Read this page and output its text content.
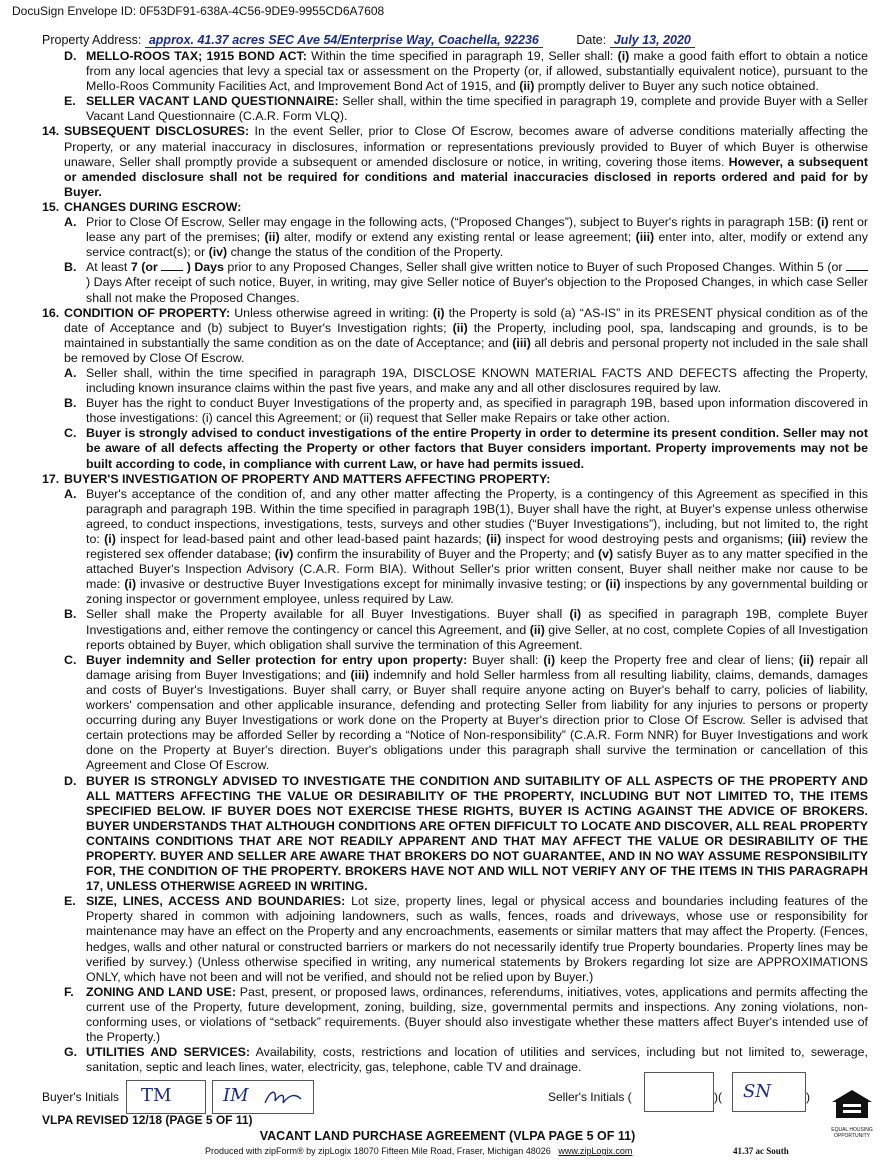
DocuSign Envelope ID: 0F53DF91-638A-4C56-9DE9-9955CD6A7608
Property Address: approx. 41.37 acres SEC Ave 54/Enterprise Way, Coachella, 92236	Date: July 13, 2020
D. MELLO-ROOS TAX; 1915 BOND ACT: Within the time specified in paragraph 19, Seller shall: (i) make a good faith effort to obtain a notice from any local agencies that levy a special tax or assessment on the Property (or, if allowed, substantially equivalent notice), pursuant to the Mello-Roos Community Facilities Act, and Improvement Bond Act of 1915, and (ii) promptly deliver to Buyer any such notice obtained.
E. SELLER VACANT LAND QUESTIONNAIRE: Seller shall, within the time specified in paragraph 19, complete and provide Buyer with a Seller Vacant Land Questionnaire (C.A.R. Form VLQ).
14. SUBSEQUENT DISCLOSURES: In the event Seller, prior to Close Of Escrow, becomes aware of adverse conditions materially affecting the Property, or any material inaccuracy in disclosures, information or representations previously provided to Buyer of which Buyer is otherwise unaware, Seller shall promptly provide a subsequent or amended disclosure or notice, in writing, covering those items. However, a subsequent or amended disclosure shall not be required for conditions and material inaccuracies disclosed in reports ordered and paid for by Buyer.
15. CHANGES DURING ESCROW:
A. Prior to Close Of Escrow, Seller may engage in the following acts, (“Proposed Changes”), subject to Buyer's rights in paragraph 15B: (i) rent or lease any part of the premises; (ii) alter, modify or extend any existing rental or lease agreement; (iii) enter into, alter, modify or extend any service contract(s); or (iv) change the status of the condition of the Property.
B. At least 7 (or  ) Days prior to any Proposed Changes, Seller shall give written notice to Buyer of such Proposed Changes. Within 5 (or  ) Days After receipt of such notice, Buyer, in writing, may give Seller notice of Buyer's objection to the Proposed Changes, in which case Seller shall not make the Proposed Changes.
16. CONDITION OF PROPERTY: Unless otherwise agreed in writing: (i) the Property is sold (a) “AS-IS” in its PRESENT physical condition as of the date of Acceptance and (b) subject to Buyer's Investigation rights; (ii) the Property, including pool, spa, landscaping and grounds, is to be maintained in substantially the same condition as on the date of Acceptance; and (iii) all debris and personal property not included in the sale shall be removed by Close Of Escrow.
A. Seller shall, within the time specified in paragraph 19A, DISCLOSE KNOWN MATERIAL FACTS AND DEFECTS affecting the Property, including known insurance claims within the past five years, and make any and all other disclosures required by law.
B. Buyer has the right to conduct Buyer Investigations of the property and, as specified in paragraph 19B, based upon information discovered in those investigations: (i) cancel this Agreement; or (ii) request that Seller make Repairs or take other action.
C. Buyer is strongly advised to conduct investigations of the entire Property in order to determine its present condition. Seller may not be aware of all defects affecting the Property or other factors that Buyer considers important. Property improvements may not be built according to code, in compliance with current Law, or have had permits issued.
17. BUYER'S INVESTIGATION OF PROPERTY AND MATTERS AFFECTING PROPERTY:
A. Buyer's acceptance of the condition of, and any other matter affecting the Property, is a contingency of this Agreement as specified in this paragraph and paragraph 19B. Within the time specified in paragraph 19B(1), Buyer shall have the right, at Buyer's expense unless otherwise agreed, to conduct inspections, investigations, tests, surveys and other studies (“Buyer Investigations”), including, but not limited to, the right to: (i) inspect for lead-based paint and other lead-based paint hazards; (ii) inspect for wood destroying pests and organisms; (iii) review the registered sex offender database; (iv) confirm the insurability of Buyer and the Property; and (v) satisfy Buyer as to any matter specified in the attached Buyer's Inspection Advisory (C.A.R. Form BIA). Without Seller's prior written consent, Buyer shall neither make nor cause to be made: (i) invasive or destructive Buyer Investigations except for minimally invasive testing; or (ii) inspections by any governmental building or zoning inspector or government employee, unless required by Law.
B. Seller shall make the Property available for all Buyer Investigations. Buyer shall (i) as specified in paragraph 19B, complete Buyer Investigations and, either remove the contingency or cancel this Agreement, and (ii) give Seller, at no cost, complete Copies of all Investigation reports obtained by Buyer, which obligation shall survive the termination of this Agreement.
C. Buyer indemnity and Seller protection for entry upon property: Buyer shall: (i) keep the Property free and clear of liens; (ii) repair all damage arising from Buyer Investigations; and (iii) indemnify and hold Seller harmless from all resulting liability, claims, demands, damages and costs of Buyer's Investigations. Buyer shall carry, or Buyer shall require anyone acting on Buyer's behalf to carry, policies of liability, workers' compensation and other applicable insurance, defending and protecting Seller from liability for any injuries to persons or property occurring during any Buyer Investigations or work done on the Property at Buyer's direction prior to Close Of Escrow. Seller is advised that certain protections may be afforded Seller by recording a “Notice of Non-responsibility” (C.A.R. Form NNR) for Buyer Investigations and work done on the Property at Buyer's direction. Buyer's obligations under this paragraph shall survive the termination or cancellation of this Agreement and Close Of Escrow.
D. BUYER IS STRONGLY ADVISED TO INVESTIGATE THE CONDITION AND SUITABILITY OF ALL ASPECTS OF THE PROPERTY AND ALL MATTERS AFFECTING THE VALUE OR DESIRABILITY OF THE PROPERTY, INCLUDING BUT NOT LIMITED TO, THE ITEMS SPECIFIED BELOW. IF BUYER DOES NOT EXERCISE THESE RIGHTS, BUYER IS ACTING AGAINST THE ADVICE OF BROKERS. BUYER UNDERSTANDS THAT ALTHOUGH CONDITIONS ARE OFTEN DIFFICULT TO LOCATE AND DISCOVER, ALL REAL PROPERTY CONTAINS CONDITIONS THAT ARE NOT READILY APPARENT AND THAT MAY AFFECT THE VALUE OR DESIRABILITY OF THE PROPERTY. BUYER AND SELLER ARE AWARE THAT BROKERS DO NOT GUARANTEE, AND IN NO WAY ASSUME RESPONSIBILITY FOR, THE CONDITION OF THE PROPERTY. BROKERS HAVE NOT AND WILL NOT VERIFY ANY OF THE ITEMS IN THIS PARAGRAPH 17, UNLESS OTHERWISE AGREED IN WRITING.
E. SIZE, LINES, ACCESS AND BOUNDARIES: Lot size, property lines, legal or physical access and boundaries including features of the Property shared in common with adjoining landowners, such as walls, fences, roads and driveways, whose use or responsibility for maintenance may have an effect on the Property and any encroachments, easements or similar matters that may affect the Property. (Fences, hedges, walls and other natural or constructed barriers or markers do not necessarily identify true Property boundaries. Property lines may be verified by survey.) (Unless otherwise specified in writing, any numerical statements by Brokers regarding lot size are APPROXIMATIONS ONLY, which have not been and will not be verified, and should not be relied upon by Buyer.)
F. ZONING AND LAND USE: Past, present, or proposed laws, ordinances, referendums, initiatives, votes, applications and permits affecting the current use of the Property, future development, zoning, building, size, governmental permits and inspections. Any zoning violations, non-conforming uses, or violations of “setback” requirements. (Buyer should also investigate whether these matters affect Buyer's intended use of the Property.)
G. UTILITIES AND SERVICES: Availability, costs, restrictions and location of utilities and services, including but not limited to, sewerage, sanitation, septic and leach lines, water, electricity, gas, telephone, cable TV and drainage.
Buyer's Initials TM	IM	Seller's Initials (	)( SN	)
EQUAL HOUSING OPPORTUNITY
VLPA REVISED 12/18 (PAGE 5 OF 11)
VACANT LAND PURCHASE AGREEMENT (VLPA PAGE 5 OF 11)
Produced with zipForm® by zipLogix 18070 Fifteen Mile Road, Fraser, Michigan 48026 www.zipLogix.com	41.37 ac South
